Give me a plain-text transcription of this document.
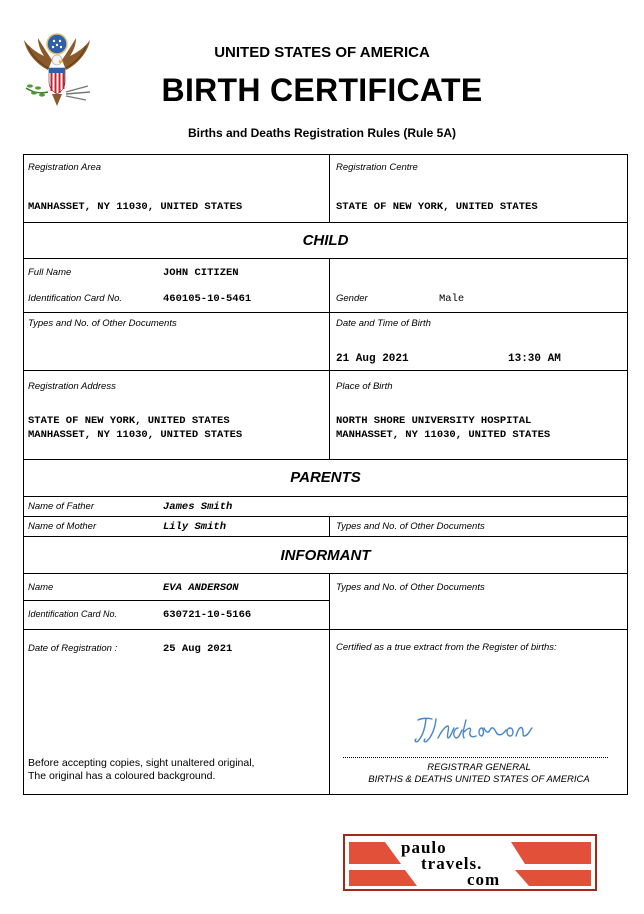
UNITED STATES OF AMERICA
BIRTH CERTIFICATE
Births and Deaths Registration Rules (Rule 5A)
Registration Area
MANHASSET, NY 11030, UNITED STATES
Registration Centre
STATE OF NEW YORK, UNITED STATES
CHILD
Full Name	JOHN CITIZEN
Identification Card No.	460105-10-5461	Gender	Male
Types and No. of Other Documents	Date and Time of Birth
21 Aug 2021	13:30 AM
Registration Address
STATE OF NEW YORK, UNITED STATES
MANHASSET, NY 11030, UNITED STATES
Place of Birth
NORTH SHORE UNIVERSITY HOSPITAL
MANHASSET, NY 11030, UNITED STATES
PARENTS
Name of Father	James Smith
Name of Mother	Lily Smith	Types and No. of Other Documents
INFORMANT
Name	EVA ANDERSON
Identification Card No.	630721-10-5166
Types and No. of Other Documents
Date of Registration :	25 Aug 2021	Certified as a true extract from the Register of births:
Before accepting copies, sight unaltered original,
The original has a coloured background.
REGISTRAR GENERAL
BIRTHS & DEATHS UNITED STATES OF AMERICA
paulo
travels.
com
